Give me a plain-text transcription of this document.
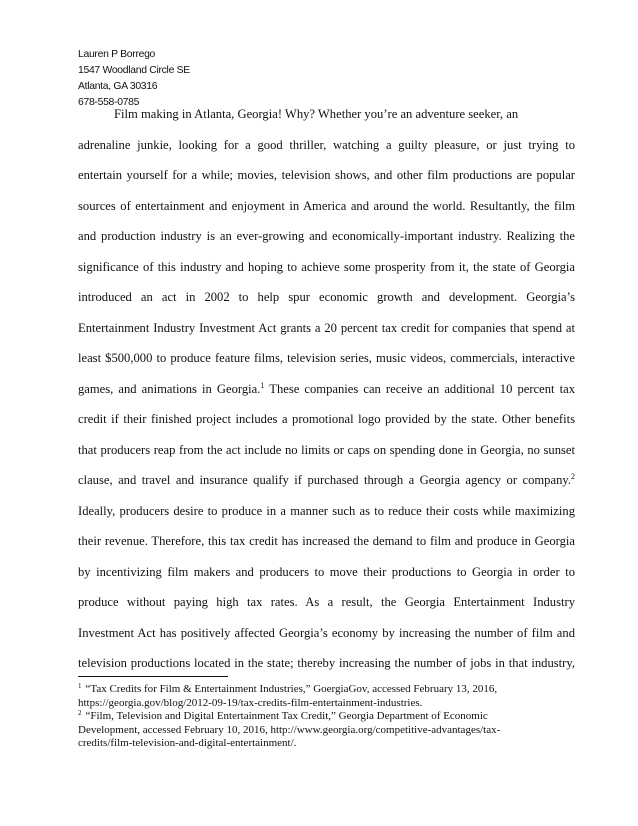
Lauren P Borrego
1547 Woodland Circle SE
Atlanta, GA 30316
678-558-0785
Film making in Atlanta, Georgia! Why? Whether you’re an adventure seeker, an
adrenaline junkie, looking for a good thriller, watching a guilty pleasure, or just trying to
entertain yourself for a while; movies, television shows, and other film productions are popular
sources of entertainment and enjoyment in America and around the world. Resultantly, the film
and production industry is an ever-growing and economically-important industry. Realizing the
significance of this industry and hoping to achieve some prosperity from it, the state of Georgia
introduced an act in 2002 to help spur economic growth and development. Georgia’s
Entertainment Industry Investment Act grants a 20 percent tax credit for companies that spend at
least $500,000 to produce feature films, television series, music videos, commercials, interactive
games, and animations in Georgia.$^1$ These companies can receive an additional 10 percent tax
credit if their finished project includes a promotional logo provided by the state. Other benefits
that producers reap from the act include no limits or caps on spending done in Georgia, no sunset
clause, and travel and insurance qualify if purchased through a Georgia agency or company.$^2$
Ideally, producers desire to produce in a manner such as to reduce their costs while maximizing
their revenue. Therefore, this tax credit has increased the demand to film and produce in Georgia
by incentivizing film makers and producers to move their productions to Georgia in order to
produce without paying high tax rates. As a result, the Georgia Entertainment Industry
Investment Act has positively affected Georgia’s economy by increasing the number of film and
television productions located in the state; thereby increasing the number of jobs in that industry,
$^1$ “Tax Credits for Film & Entertainment Industries,” GoergiaGov, accessed February 13, 2016,
https://georgia.gov/blog/2012-09-19/tax-credits-film-entertainment-industries.
$^2$ “Film, Television and Digital Entertainment Tax Credit,” Georgia Department of Economic
Development, accessed February 10, 2016, http://www.georgia.org/competitive-advantages/tax-
credits/film-television-and-digital-entertainment/.
